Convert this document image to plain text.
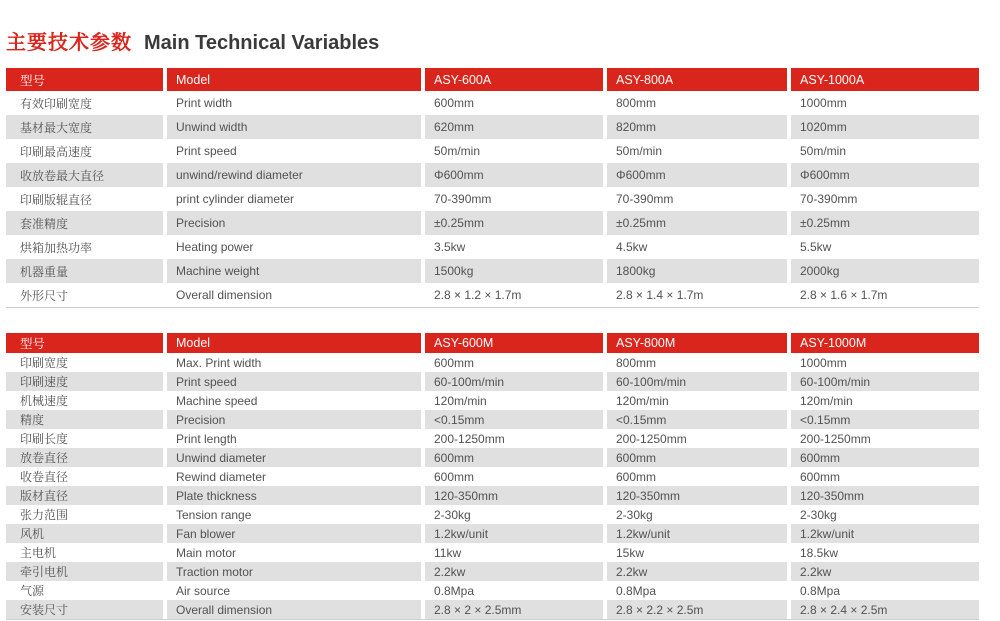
主要技术参数 Main Technical Variables
型号	Model	ASY-600A	ASY-800A	ASY-1000A
有效印刷宽度	Print width	600mm	800mm	1000mm
基材最大宽度	Unwind width	620mm	820mm	1020mm
印刷最高速度	Print speed	50m/min	50m/min	50m/min
收放卷最大直径	unwind/rewind diameter	Φ600mm	Φ600mm	Φ600mm
印刷版辊直径	print cylinder diameter	70-390mm	70-390mm	70-390mm
套准精度	Precision	±0.25mm	±0.25mm	±0.25mm
烘箱加热功率	Heating power	3.5kw	4.5kw	5.5kw
机器重量	Machine weight	1500kg	1800kg	2000kg
外形尺寸	Overall dimension	2.8 × 1.2 × 1.7m	2.8 × 1.4 × 1.7m	2.8 × 1.6 × 1.7m
型号	Model	ASY-600M	ASY-800M	ASY-1000M
印刷宽度	Max. Print width	600mm	800mm	1000mm
印刷速度	Print speed	60-100m/min	60-100m/min	60-100m/min
机械速度	Machine speed	120m/min	120m/min	120m/min
精度	Precision	<0.15mm	<0.15mm	<0.15mm
印刷长度	Print length	200-1250mm	200-1250mm	200-1250mm
放卷直径	Unwind diameter	600mm	600mm	600mm
收卷直径	Rewind diameter	600mm	600mm	600mm
版材直径	Plate thickness	120-350mm	120-350mm	120-350mm
张力范围	Tension range	2-30kg	2-30kg	2-30kg
风机	Fan blower	1.2kw/unit	1.2kw/unit	1.2kw/unit
主电机	Main motor	11kw	15kw	18.5kw
牵引电机	Traction motor	2.2kw	2.2kw	2.2kw
气源	Air source	0.8Mpa	0.8Mpa	0.8Mpa
安装尺寸	Overall dimension	2.8 × 2 × 2.5mm	2.8 × 2.2 × 2.5m	2.8 × 2.4 × 2.5m
